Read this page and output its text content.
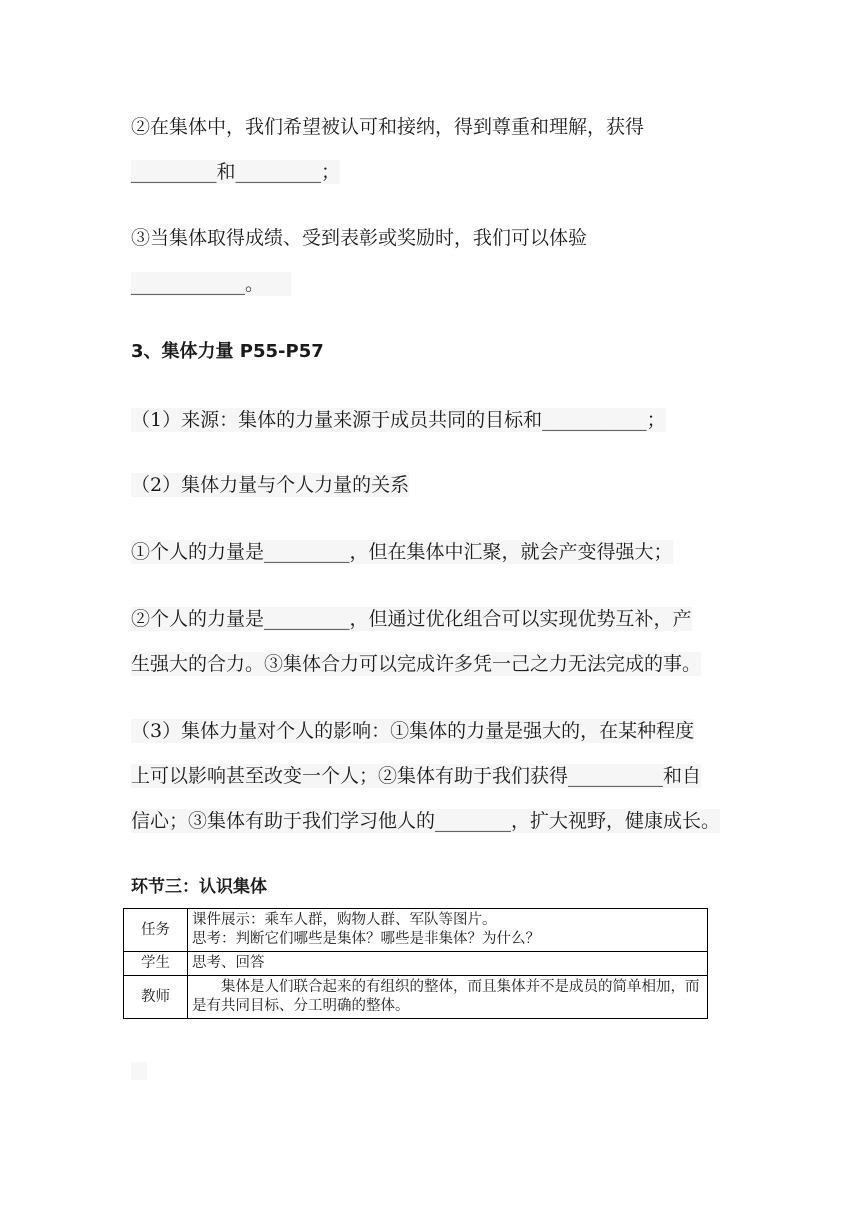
②在集体中，我们希望被认可和接纳，得到尊重和理解，获得
_________和_________；
③当集体取得成绩、受到表彰或奖励时，我们可以体验
____________。
3、集体力量 P55-P57
（1）来源：集体的力量来源于成员共同的目标和___________；
（2）集体力量与个人力量的关系
①个人的力量是_________，但在集体中汇聚，就会产变得强大；
②个人的力量是_________，但通过优化组合可以实现优势互补，产
生强大的合力。③集体合力可以完成许多凭一己之力无法完成的事。
（3）集体力量对个人的影响：①集体的力量是强大的，在某种程度
上可以影响甚至改变一个人；②集体有助于我们获得__________和自
信心；③集体有助于我们学习他人的________，扩大视野，健康成长。
环节三：认识集体
任务	课件展示：乘车人群，购物人群、军队等图片。
思考：判断它们哪些是集体？哪些是非集体？为什么？

学生	思考、回答
教师	集体是人们联合起来的有组织的整体，而且集体并不是成员的简单相加，而是有共同目标、分工明确的整体。
